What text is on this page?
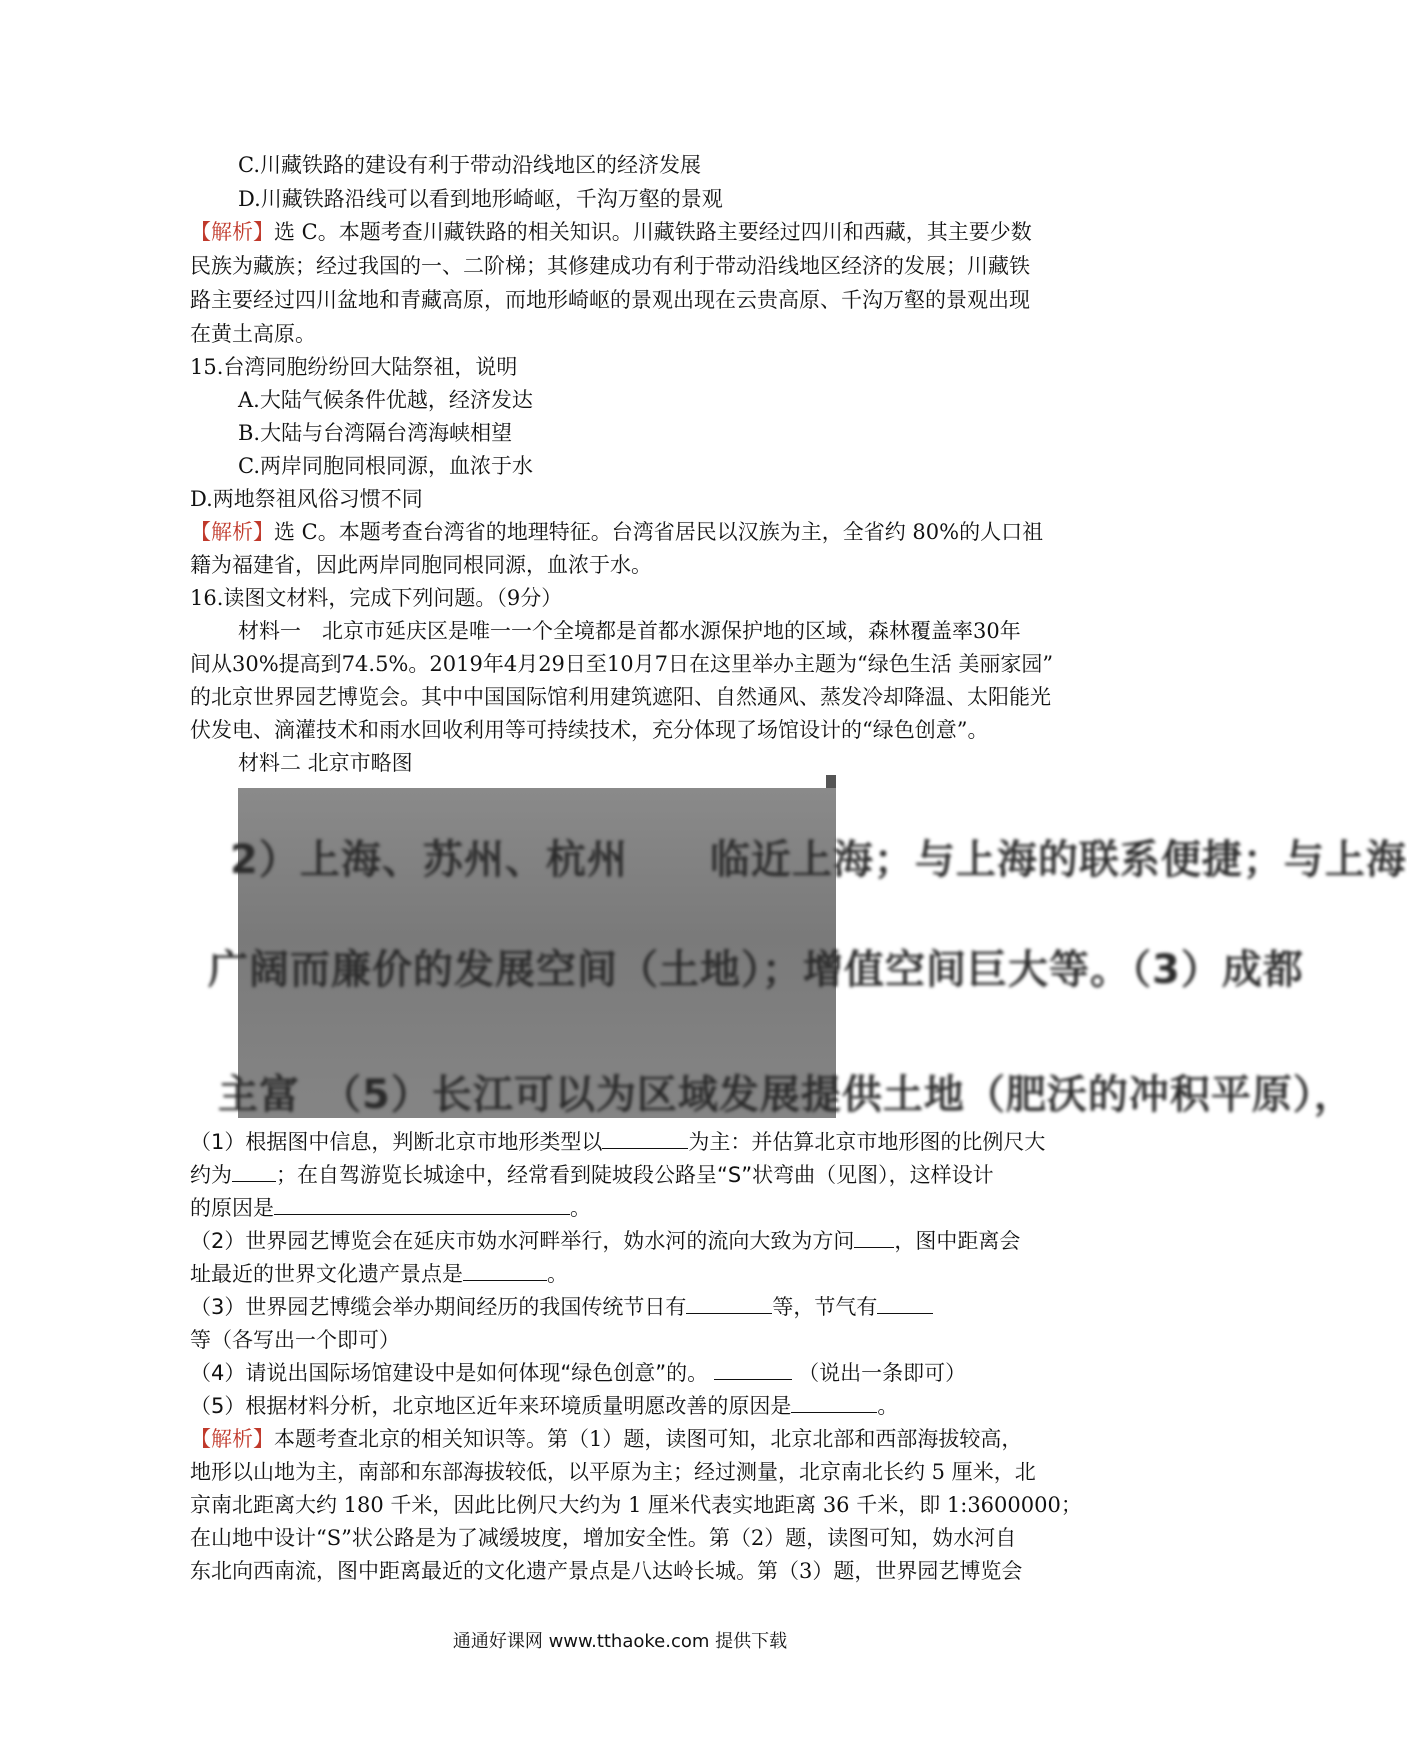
C.川藏铁路的建设有利于带动沿线地区的经济发展
D.川藏铁路沿线可以看到地形崎岖，千沟万壑的景观
【解析】选 C。本题考查川藏铁路的相关知识。川藏铁路主要经过四川和西藏，其主要少数
民族为藏族；经过我国的一、二阶梯；其修建成功有利于带动沿线地区经济的发展；川藏铁
路主要经过四川盆地和青藏高原，而地形崎岖的景观出现在云贵高原、千沟万壑的景观出现
在黄土高原。
15.台湾同胞纷纷回大陆祭祖，说明
A.大陆气候条件优越，经济发达
B.大陆与台湾隔台湾海峡相望
C.两岸同胞同根同源，血浓于水
D.两地祭祖风俗习惯不同
【解析】选 C。本题考查台湾省的地理特征。台湾省居民以汉族为主，全省约 80%的人口祖
籍为福建省，因此两岸同胞同根同源，血浓于水。
16.读图文材料，完成下列问题。（9分）
材料一　北京市延庆区是唯一一个全境都是首都水源保护地的区域，森林覆盖率30年
间从30%提高到74.5%。2019年4月29日至10月7日在这里举办主题为“绿色生活 美丽家园”
的北京世界园艺博览会。其中中国国际馆利用建筑遮阳、自然通风、蒸发冷却降温、太阳能光
伏发电、滴灌技术和雨水回收利用等可持续技术，充分体现了场馆设计的“绿色创意”。
材料二 北京市略图
2）上海、苏州、杭州　　临近上海；与上海的联系便捷；与上海
广阔而廉价的发展空间（土地）；增值空间巨大等。（3）成都
主富　（5）长江可以为区域发展提供土地（肥沃的冲积平原），
（1）根据图中信息，判断北京市地形类型以	为主：并估算北京市地形图的比例尺大
约为 ；在自驾游览长城途中，经常看到陡坡段公路呈“S”状弯曲（见图），这样设计
的原因是	。
（2）世界园艺博览会在延庆市妫水河畔举行，妫水河的流向大致为方问 ，图中距离会
址最近的世界文化遗产景点是	。
（3）世界园艺博缆会举办期间经历的我国传统节日有	等，节气有
等（各写出一个即可）
（4）请说出国际场馆建设中是如何体现“绿色创意”的。	（说出一条即可）
（5）根据材料分析，北京地区近年来环境质量明愿改善的原因是	。
【解析】本题考查北京的相关知识等。第（1）题，读图可知，北京北部和西部海拔较高，
地形以山地为主，南部和东部海拔较低，以平原为主；经过测量，北京南北长约 5 厘米，北
京南北距离大约 180 千米，因此比例尺大约为 1 厘米代表实地距离 36 千米，即 1:3600000；
在山地中设计“S”状公路是为了减缓坡度，增加安全性。第（2）题，读图可知，妫水河自
东北向西南流，图中距离最近的文化遗产景点是八达岭长城。第（3）题，世界园艺博览会
通通好课网 www.tthaoke.com 提供下载
